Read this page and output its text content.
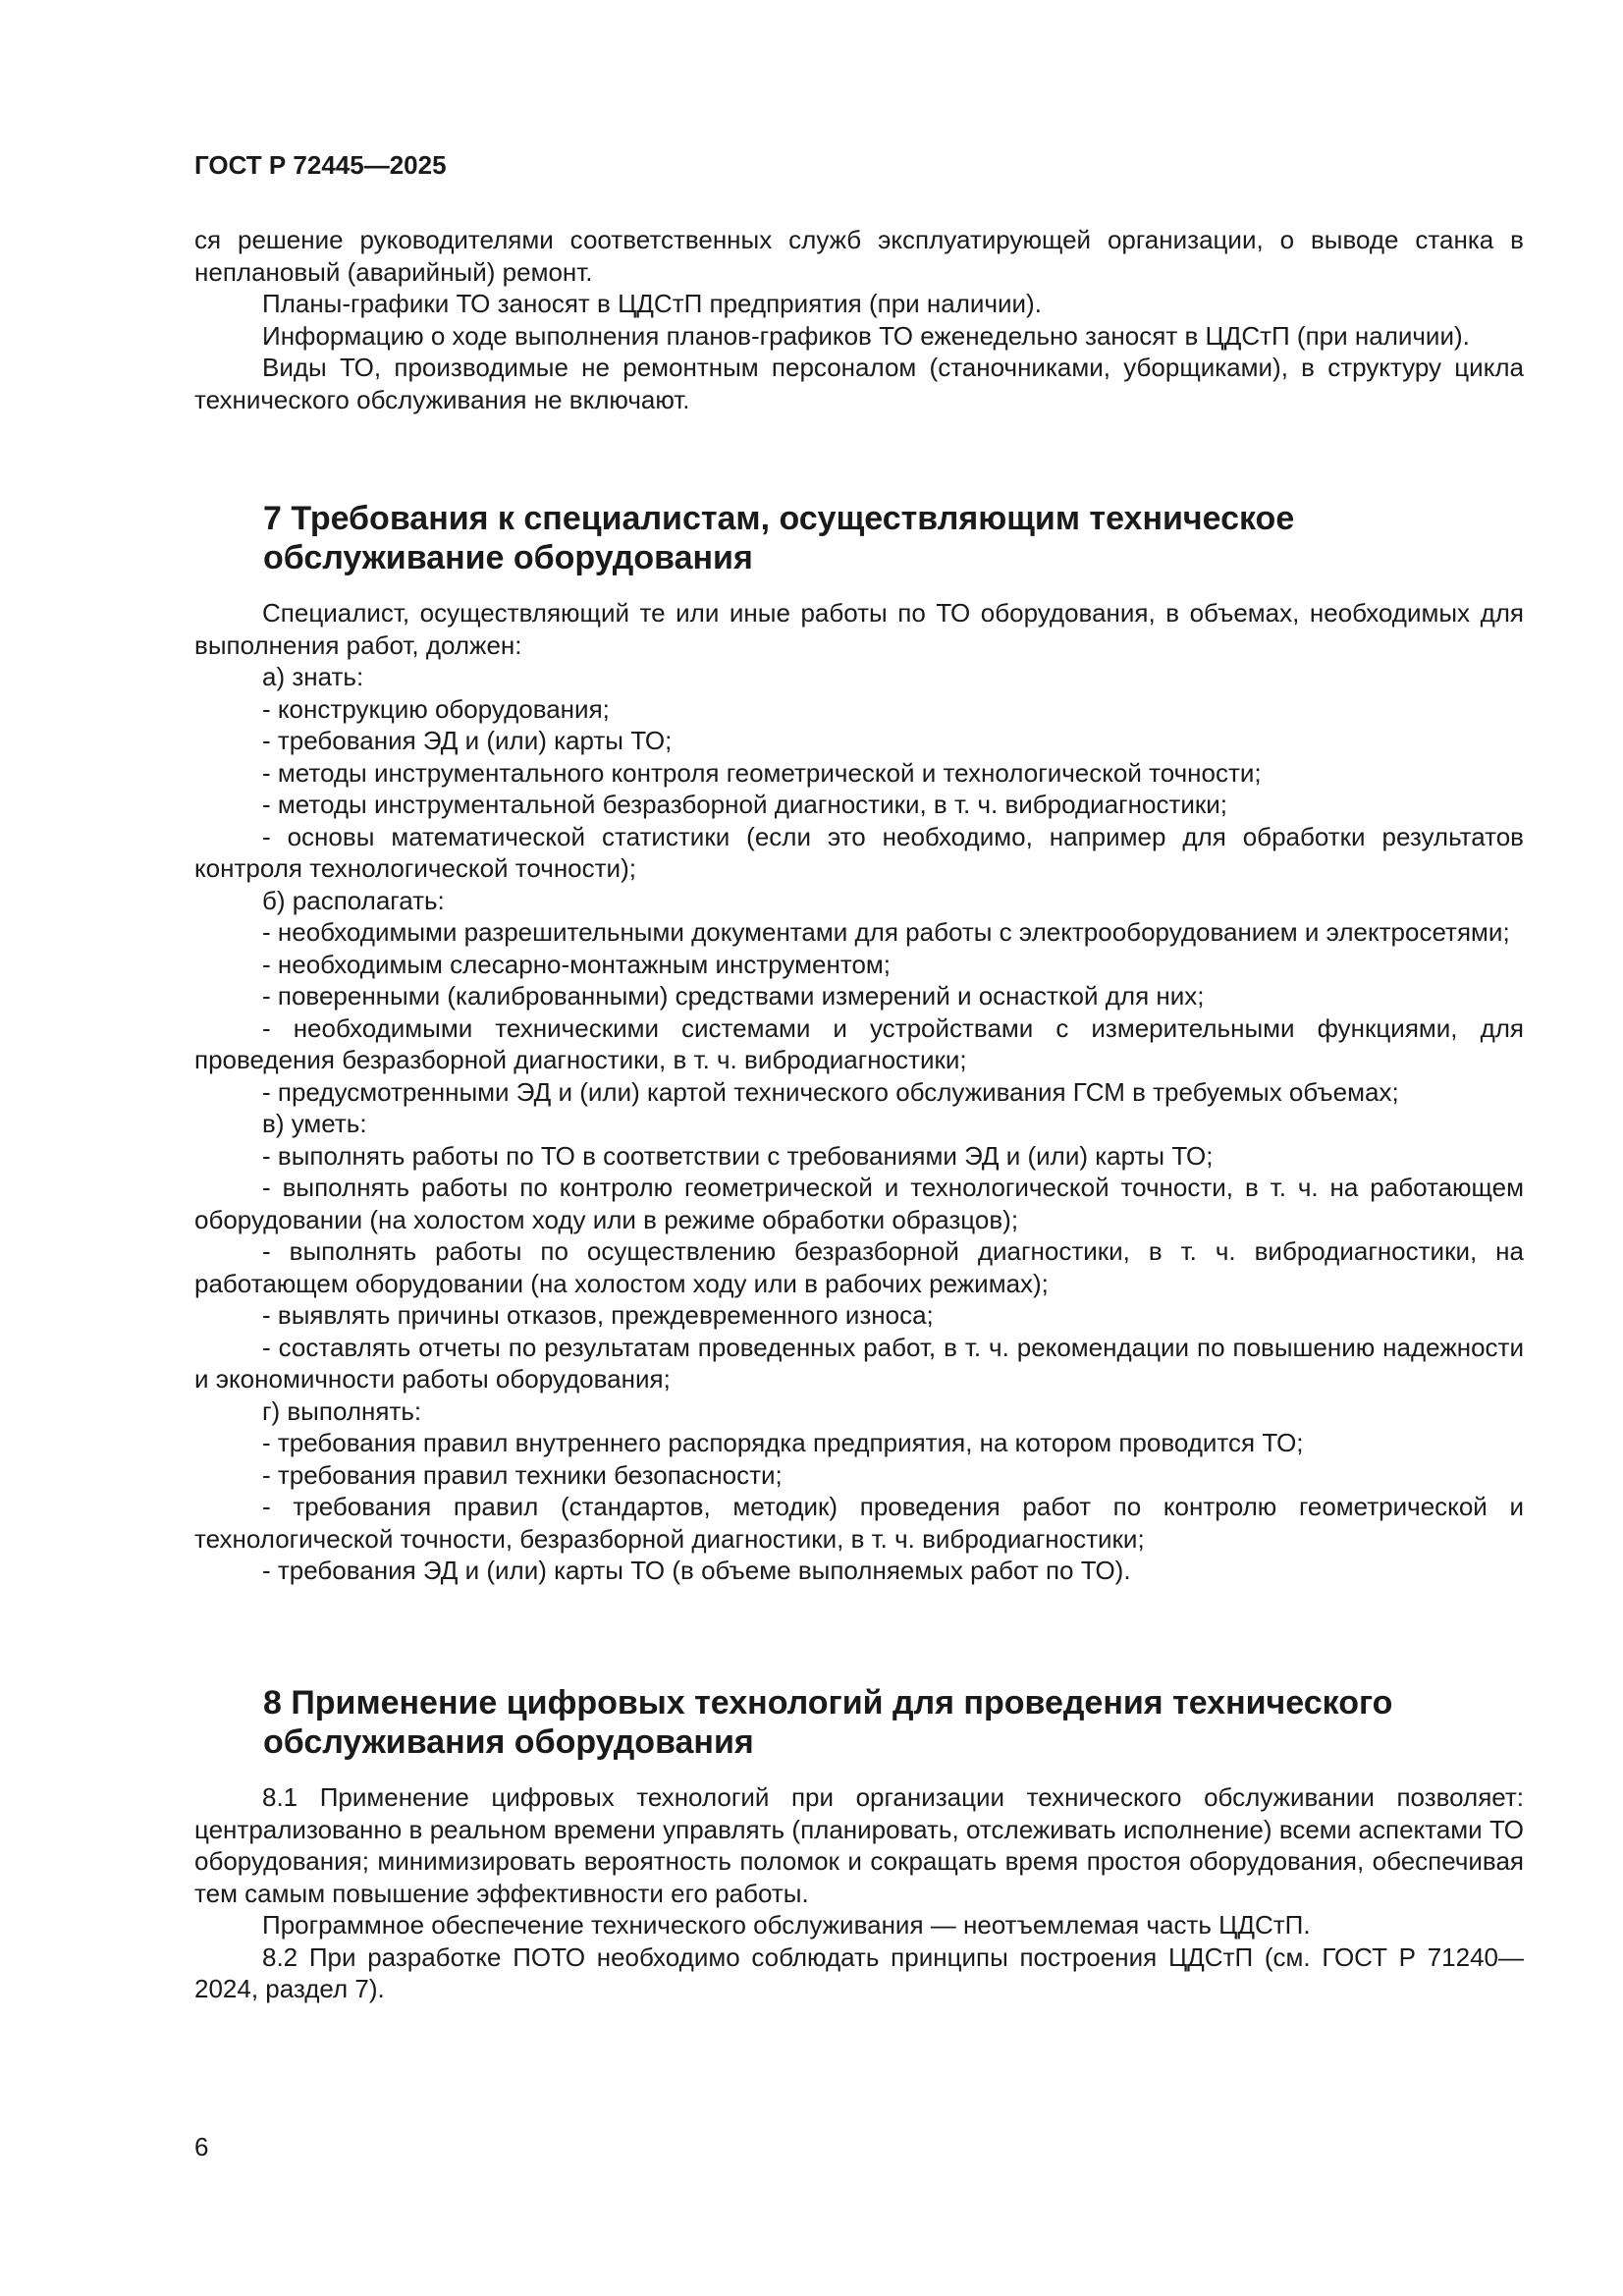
ГОСТ Р 72445—2025

ся решение руководителями соответственных служб эксплуатирующей организации, о выводе станка в неплановый (аварийный) ремонт.

Планы-графики ТО заносят в ЦДСтП предприятия (при наличии).

Информацию о ходе выполнения планов-графиков ТО еженедельно заносят в ЦДСтП (при наличии).

Виды ТО, производимые не ремонтным персоналом (станочниками, уборщиками), в структуру цикла технического обслуживания не включают.

7 Требования к специалистам, осуществляющим техническое
обслуживание оборудования

Специалист, осуществляющий те или иные работы по ТО оборудования, в объемах, необходимых для выполнения работ, должен:

а) знать:

- конструкцию оборудования;

- требования ЭД и (или) карты ТО;

- методы инструментального контроля геометрической и технологической точности;

- методы инструментальной безразборной диагностики, в т. ч. вибродиагностики;

- основы математической статистики (если это необходимо, например для обработки результатов контроля технологической точности);

б) располагать:

- необходимыми разрешительными документами для работы с электрооборудованием и электросетями;

- необходимым слесарно-монтажным инструментом;

- поверенными (калиброванными) средствами измерений и оснасткой для них;

- необходимыми техническими системами и устройствами с измерительными функциями, для проведения безразборной диагностики, в т. ч. вибродиагностики;

- предусмотренными ЭД и (или) картой технического обслуживания ГСМ в требуемых объемах;

в) уметь:

- выполнять работы по ТО в соответствии с требованиями ЭД и (или) карты ТО;

- выполнять работы по контролю геометрической и технологической точности, в т. ч. на работающем оборудовании (на холостом ходу или в режиме обработки образцов);

- выполнять работы по осуществлению безразборной диагностики, в т. ч. вибродиагностики, на работающем оборудовании (на холостом ходу или в рабочих режимах);

- выявлять причины отказов, преждевременного износа;

- составлять отчеты по результатам проведенных работ, в т. ч. рекомендации по повышению надежности и экономичности работы оборудования;

г) выполнять:

- требования правил внутреннего распорядка предприятия, на котором проводится ТО;

- требования правил техники безопасности;

- требования правил (стандартов, методик) проведения работ по контролю геометрической и технологической точности, безразборной диагностики, в т. ч. вибродиагностики;

- требования ЭД и (или) карты ТО (в объеме выполняемых работ по ТО).

8 Применение цифровых технологий для проведения технического
обслуживания оборудования

8.1 Применение цифровых технологий при организации технического обслуживании позволяет: централизованно в реальном времени управлять (планировать, отслеживать исполнение) всеми аспектами ТО оборудования; минимизировать вероятность поломок и сокращать время простоя оборудования, обеспечивая тем самым повышение эффективности его работы.

Программное обеспечение технического обслуживания — неотъемлемая часть ЦДСтП.

8.2 При разработке ПОТО необходимо соблюдать принципы построения ЦДСтП (см. ГОСТ Р 71240—2024, раздел 7).

6
